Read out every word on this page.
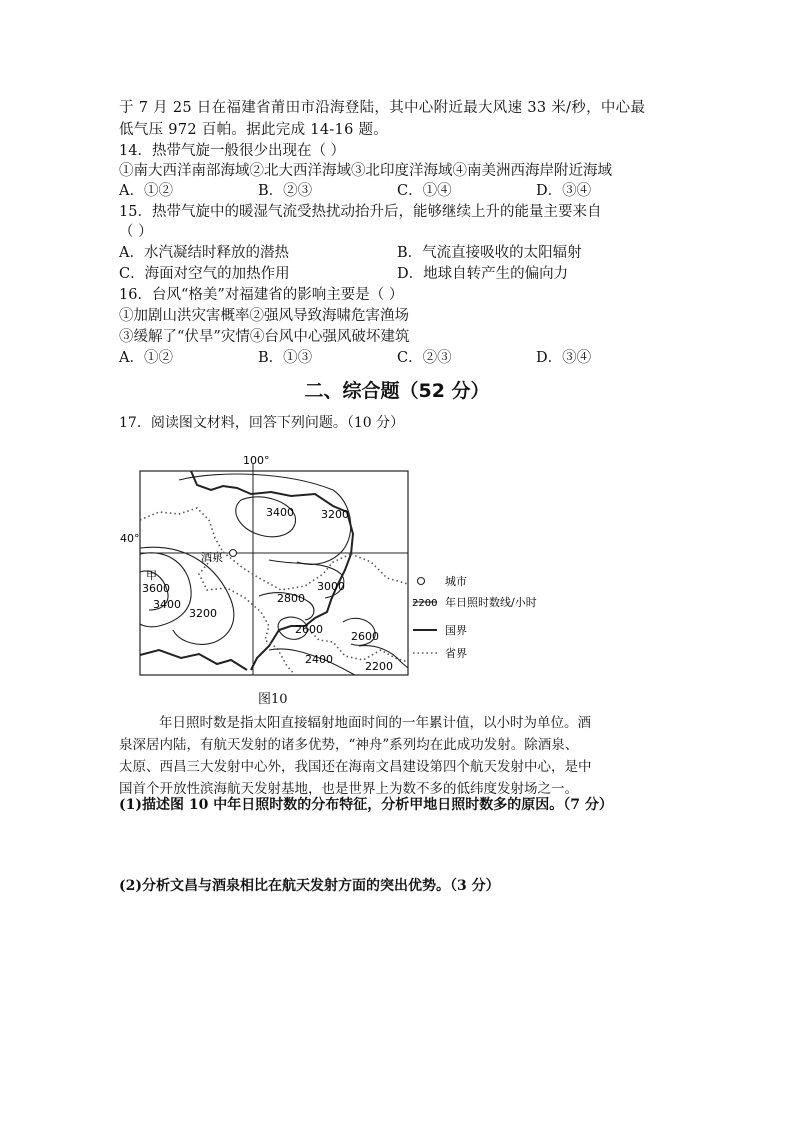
于 7 月 25 日在福建省莆田市沿海登陆，其中心附近最大风速 33 米/秒，中心最
低气压 972 百帕。据此完成 14-16 题。
14．热带气旋一般很少出现在（ ）
①南大西洋南部海域②北大西洋海域③北印度洋海域④南美洲西海岸附近海域
A．①②	B．②③	C．①④	D．③④
15．热带气旋中的暖湿气流受热扰动抬升后，能够继续上升的能量主要来自
（ ）
A．水汽凝结时释放的潜热	B．气流直接吸收的太阳辐射
C．海面对空气的加热作用	D．地球自转产生的偏向力
16．台风“格美”对福建省的影响主要是（ ）
①加剧山洪灾害概率②强风导致海啸危害渔场
③缓解了“伏旱”灾情④台风中心强风破坏建筑
A．①②	B．①③	C．②③	D．③④
二、综合题（52 分）
17．阅读图文材料，回答下列问题。（10 分）
100°
40°
3400 3200
3000
2800
2600
2600
2400
2200
3600
3400
3200
酒泉
甲	城市
2200 年日照时数线/小时
国界
省界
图10
年日照时数是指太阳直接辐射地面时间的一年累计值，以小时为单位。酒
泉深居内陆，有航天发射的诸多优势，“神舟”系列均在此成功发射。除酒泉、
太原、西昌三大发射中心外，我国还在海南文昌建设第四个航天发射中心，是中
国首个开放性滨海航天发射基地，也是世界上为数不多的低纬度发射场之一。
(1)描述图 10 中年日照时数的分布特征，分析甲地日照时数多的原因。（7 分）
(2)分析文昌与酒泉相比在航天发射方面的突出优势。（3 分）
